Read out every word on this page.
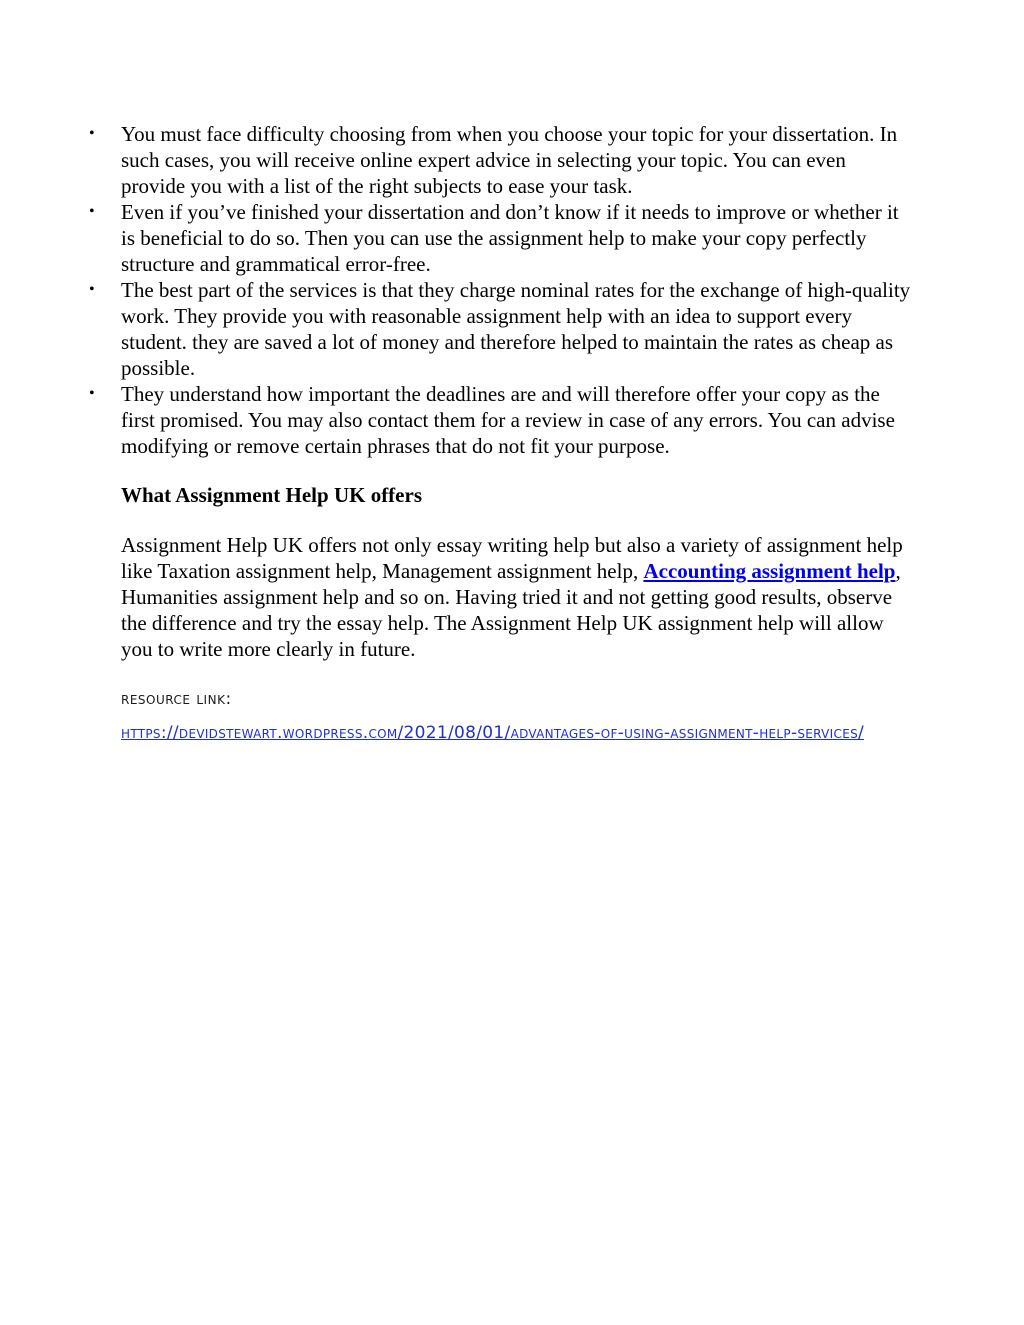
• You must face difficulty choosing from when you choose your topic for your dissertation. In such cases, you will receive online expert advice in selecting your topic. You can even provide you with a list of the right subjects to ease your task.
• Even if you’ve finished your dissertation and don’t know if it needs to improve or whether it is beneficial to do so. Then you can use the assignment help to make your copy perfectly structure and grammatical error-free.
• The best part of the services is that they charge nominal rates for the exchange of high-quality work. They provide you with reasonable assignment help with an idea to support every student. they are saved a lot of money and therefore helped to maintain the rates as cheap as possible.
• They understand how important the deadlines are and will therefore offer your copy as the first promised. You may also contact them for a review in case of any errors. You can advise modifying or remove certain phrases that do not fit your purpose.
What Assignment Help UK offers

Assignment Help UK offers not only essay writing help but also a variety of assignment help like Taxation assignment help, Management assignment help, Accounting assignment help, Humanities assignment help and so on. Having tried it and not getting good results, observe the difference and try the essay help. The Assignment Help UK assignment help will allow you to write more clearly in future.

resource link:

https://devidstewart.wordpress.com/2021/08/01/advantages-of-using-assignment-help-services/
